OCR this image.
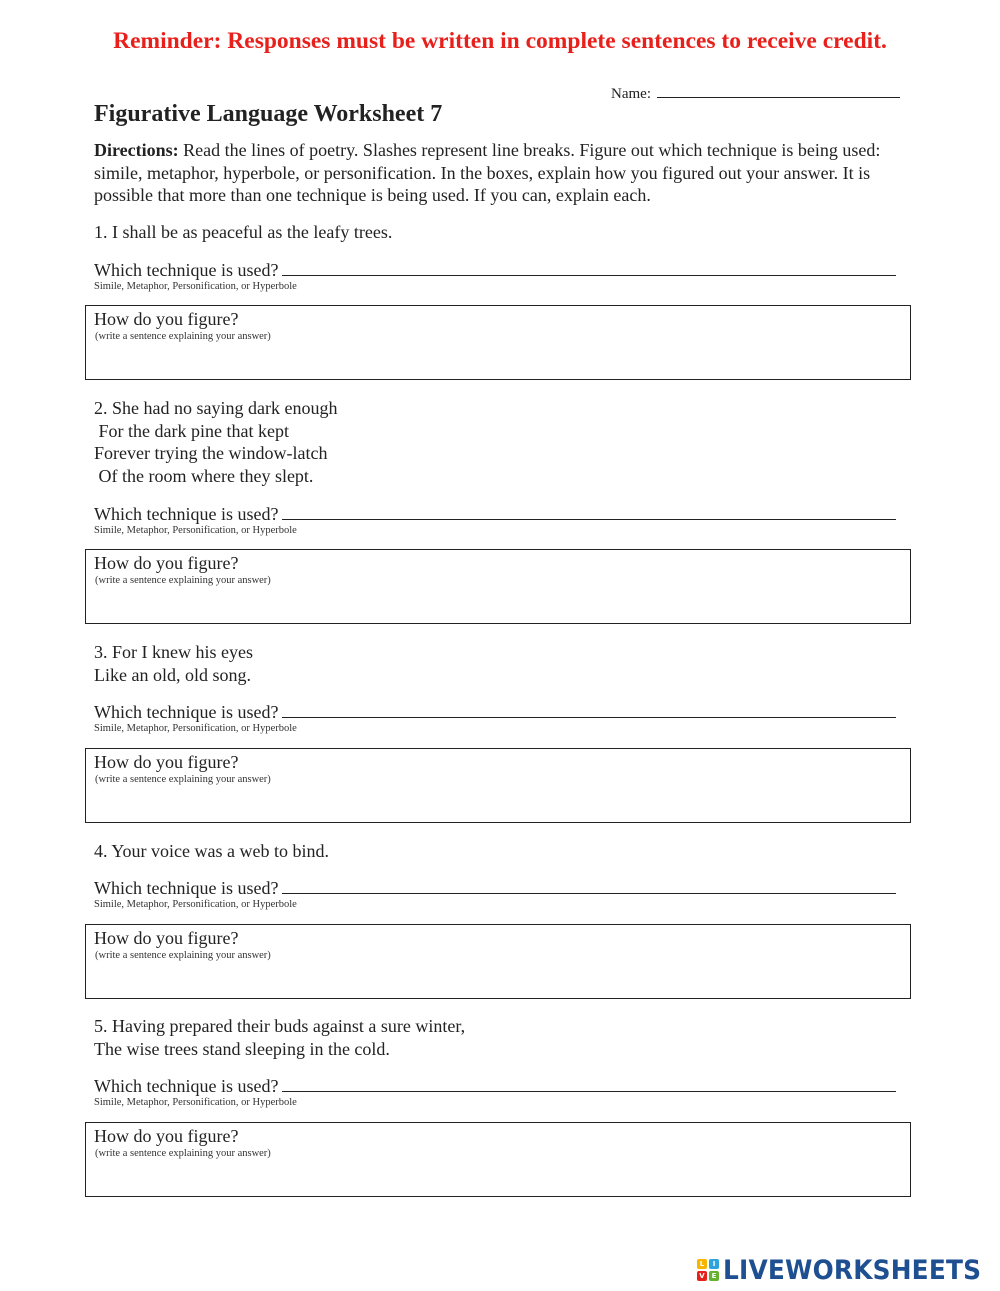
Reminder: Responses must be written in complete sentences to receive credit.
Name:
Figurative Language Worksheet 7
Directions: Read the lines of poetry. Slashes represent line breaks. Figure out which technique is being used: simile, metaphor, hyperbole, or personification. In the boxes, explain how you figured out your answer. It is possible that more than one technique is being used. If you can, explain each.
1. I shall be as peaceful as the leafy trees.
Which technique is used?
Simile, Metaphor, Personification, or Hyperbole
How do you figure?
(write a sentence explaining your answer)
2. She had no saying dark enough
For the dark pine that kept
Forever trying the window-latch
Of the room where they slept.
Which technique is used?
Simile, Metaphor, Personification, or Hyperbole
How do you figure?
(write a sentence explaining your answer)
3. For I knew his eyes
Like an old, old song.
Which technique is used?
Simile, Metaphor, Personification, or Hyperbole
How do you figure?
(write a sentence explaining your answer)
4. Your voice was a web to bind.
Which technique is used?
Simile, Metaphor, Personification, or Hyperbole
How do you figure?
(write a sentence explaining your answer)
5. Having prepared their buds against a sure winter,
The wise trees stand sleeping in the cold.
Which technique is used?
Simile, Metaphor, Personification, or Hyperbole
How do you figure?
(write a sentence explaining your answer)
L	I
V E LIVEWORKSHEETS
